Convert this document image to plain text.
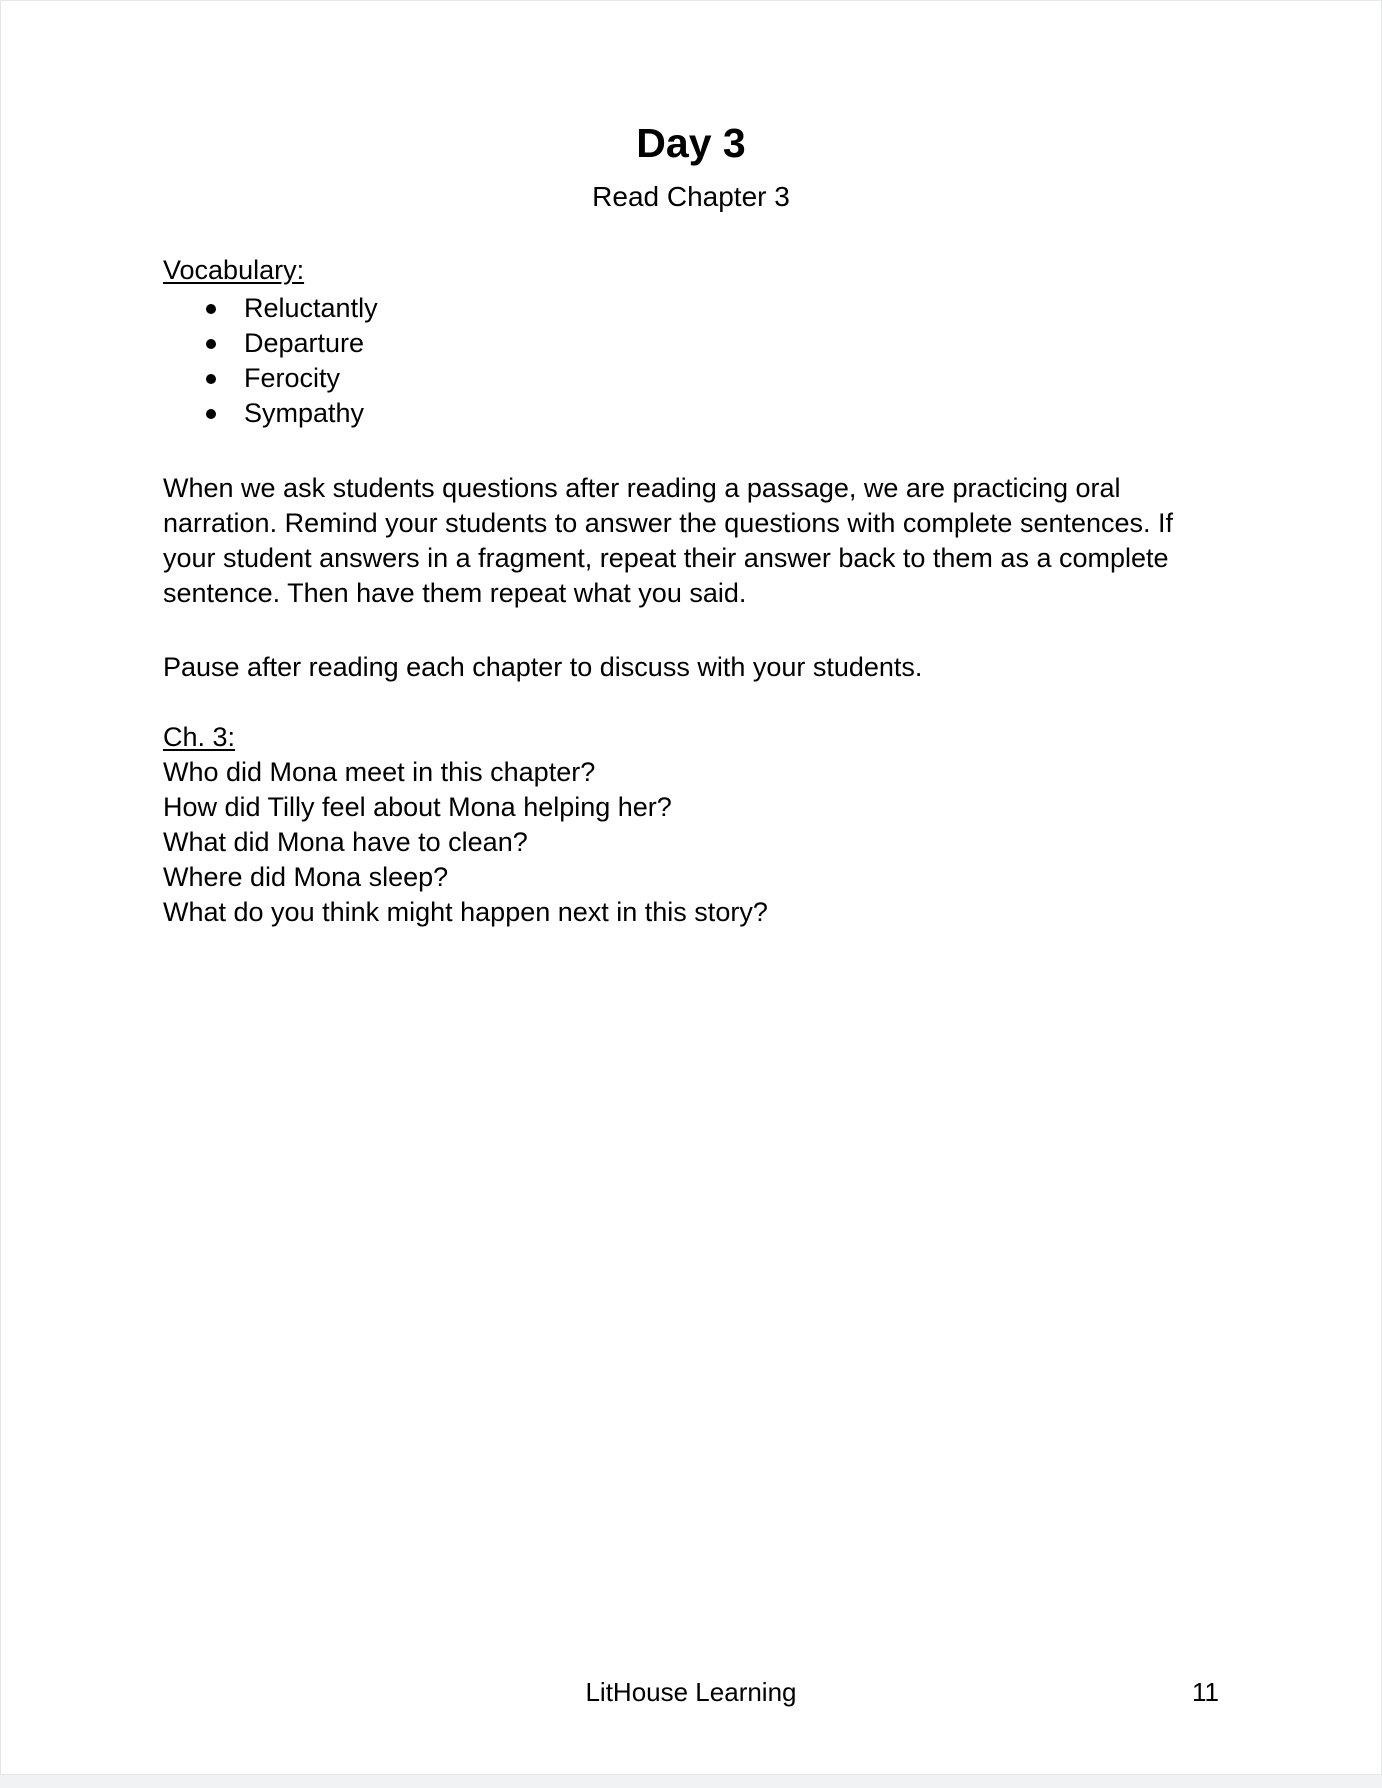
Day 3
Read Chapter 3
Vocabulary:
Reluctantly
Departure
Ferocity
Sympathy
When we ask students questions after reading a passage, we are practicing oral
narration. Remind your students to answer the questions with complete sentences. If
your student answers in a fragment, repeat their answer back to them as a complete
sentence. Then have them repeat what you said.
Pause after reading each chapter to discuss with your students.
Ch. 3:
Who did Mona meet in this chapter?
How did Tilly feel about Mona helping her?
What did Mona have to clean?
Where did Mona sleep?
What do you think might happen next in this story?
LitHouse Learning	11
